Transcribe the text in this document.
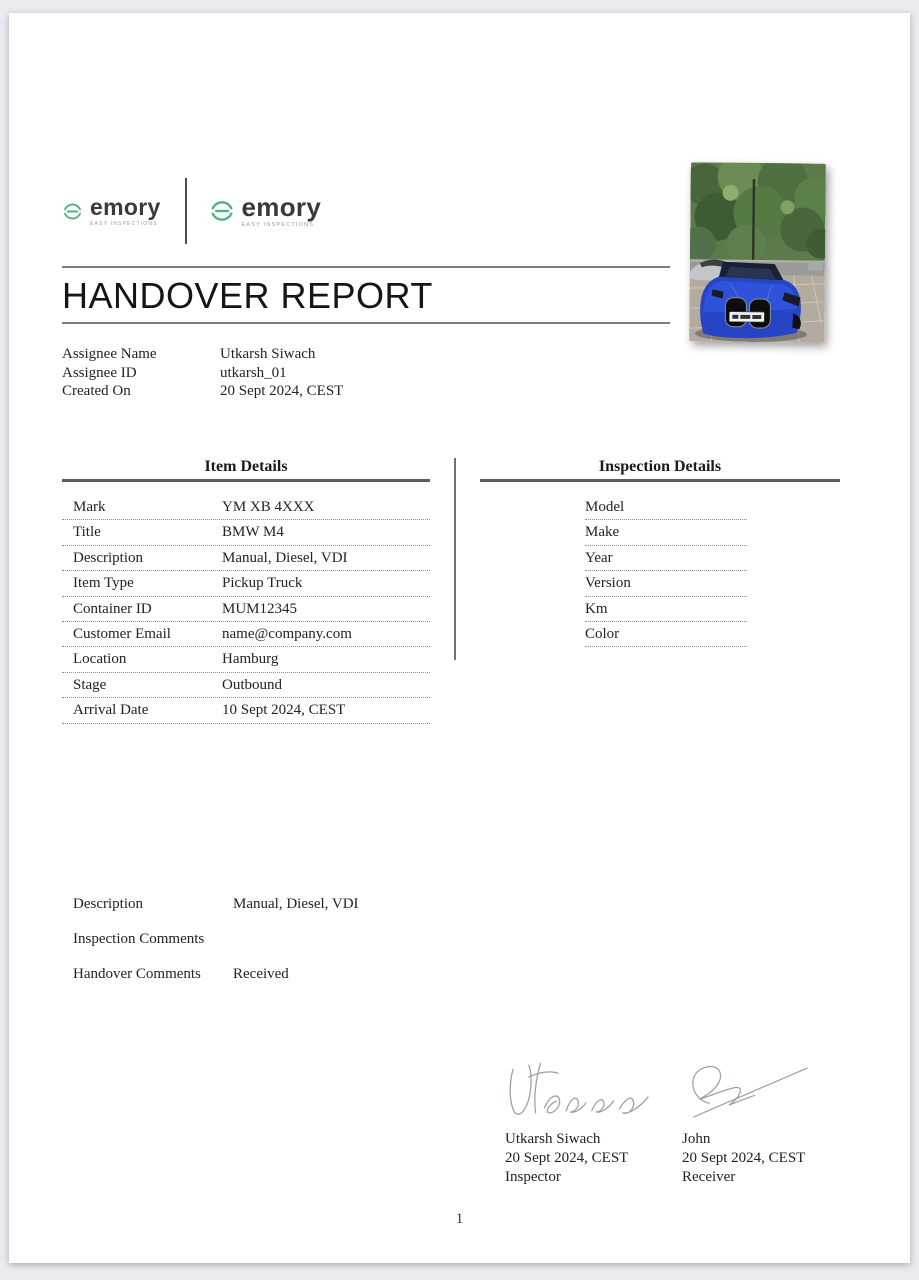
emory
EASY INSPECTIONS
emory
EASY INSPECTIONS
HANDOVER REPORT
Assignee Name	Utkarsh Siwach
Assignee ID	utkarsh_01
Created On	20 Sept 2024, CEST
Item Details
Mark	YM XB 4XXX
Title	BMW M4
Description	Manual, Diesel, VDI
Item Type	Pickup Truck
Container ID	MUM12345
Customer Email	name@company.com
Location	Hamburg
Stage	Outbound
Arrival Date	10 Sept 2024, CEST
Inspection Details
Model
Make
Year
Version
Km
Color
Description	Manual, Diesel, VDI
Inspection Comments
Handover Comments	Received
Utkarsh Siwach
20 Sept 2024, CEST
Inspector
John
20 Sept 2024, CEST
Receiver
1
